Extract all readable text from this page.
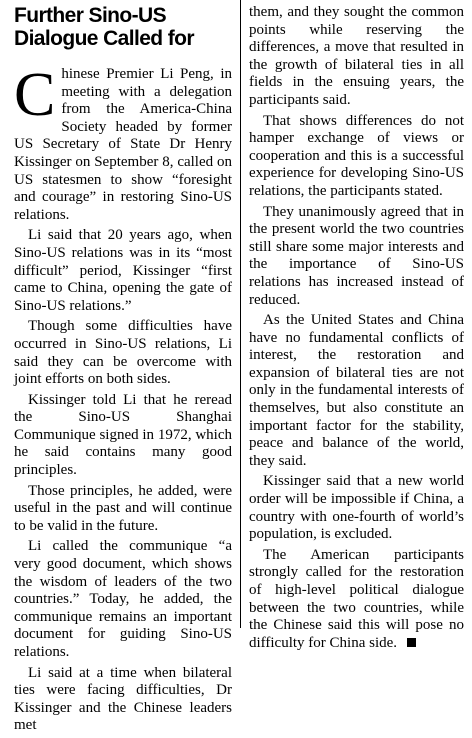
Further Sino-US
Dialogue Called for

Chinese Premier Li Peng, in meeting with a delegation from the America-China Society headed by former US Secretary of State Dr Henry Kissinger on September 8, called on US statesmen to show “foresight and courage” in restoring Sino-US relations.

Li said that 20 years ago, when Sino-US relations was in its “most difficult” period, Kissinger “first came to China, opening the gate of Sino-US relations.”

Though some difficulties have occurred in Sino-US relations, Li said they can be overcome with joint efforts on both sides.

Kissinger told Li that he reread the Sino-US Shanghai Communique signed in 1972, which he said contains many good principles.

Those principles, he added, were useful in the past and will continue to be valid in the future.

Li called the communique “a very good document, which shows the wisdom of leaders of the two countries.” Today, he added, the communique remains an important document for guiding Sino-US relations.

Li said at a time when bilateral ties were facing difficulties, Dr Kissinger and the Chinese leaders met

them, and they sought the common points while reserving the differences, a move that resulted in the growth of bilateral ties in all fields in the ensuing years, the participants said.

That shows differences do not hamper exchange of views or cooperation and this is a successful experience for developing Sino-US relations, the participants stated.

They unanimously agreed that in the present world the two countries still share some major interests and the importance of Sino-US relations has increased instead of reduced.

As the United States and China have no fundamental conflicts of interest, the restoration and expansion of bilateral ties are not only in the fundamental interests of themselves, but also constitute an important factor for the stability, peace and balance of the world, they said.

Kissinger said that a new world order will be impossible if China, a country with one-fourth of world’s population, is excluded.

The American participants strongly called for the restoration of high-level political dialogue between the two countries, while the Chinese said this will pose no difficulty for China side.
